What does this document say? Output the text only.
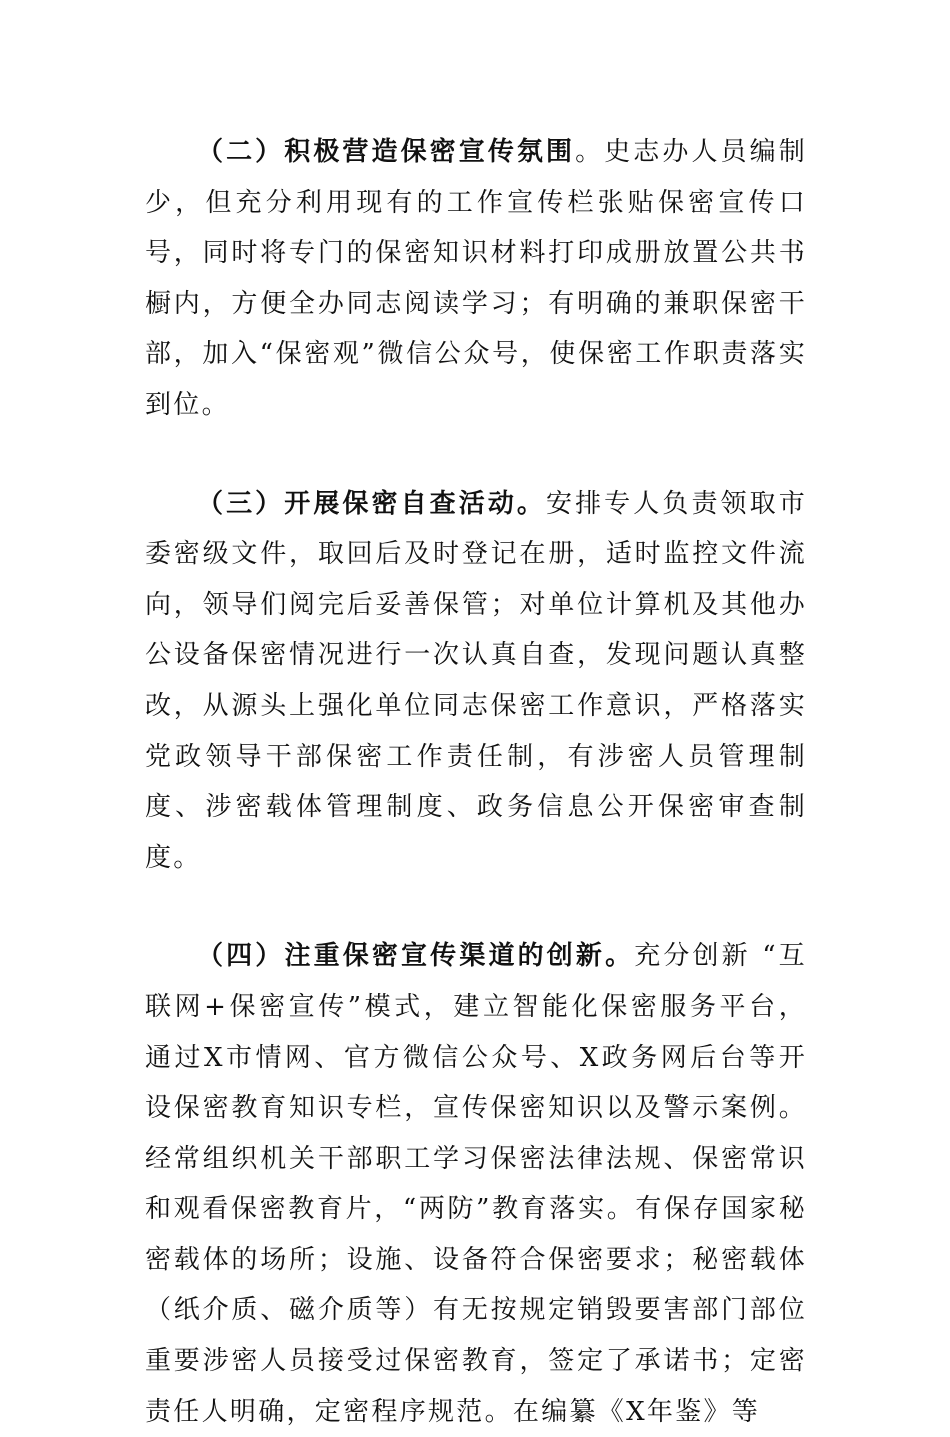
（二）积极营造保密宣传氛围。史志办人员编制少，但充分利用现有的工作宣传栏张贴保密宣传口号，同时将专门的保密知识材料打印成册放置公共书橱内，方便全办同志阅读学习；有明确的兼职保密干部，加入“保密观”微信公众号，使保密工作职责落实到位。

（三）开展保密自查活动。安排专人负责领取市委密级文件，取回后及时登记在册，适时监控文件流向，领导们阅完后妥善保管；对单位计算机及其他办公设备保密情况进行一次认真自查，发现问题认真整改，从源头上强化单位同志保密工作意识，严格落实党政领导干部保密工作责任制，有涉密人员管理制度、涉密载体管理制度、政务信息公开保密审查制度。

（四）注重保密宣传渠道的创新。充分创新 “互联网+保密宣传”模式，建立智能化保密服务平台，通过X市情网、官方微信公众号、X政务网后台等开设保密教育知识专栏，宣传保密知识以及警示案例。经常组织机关干部职工学习保密法律法规、保密常识和观看保密教育片，“两防”教育落实。有保存国家秘密载体的场所；设施、设备符合保密要求；秘密载体（纸介质、磁介质等）有无按规定销毁要害部门部位重要涉密人员接受过保密教育，签定了承诺书；定密责任人明确，定密程序规范。在编纂《X年鉴》等
